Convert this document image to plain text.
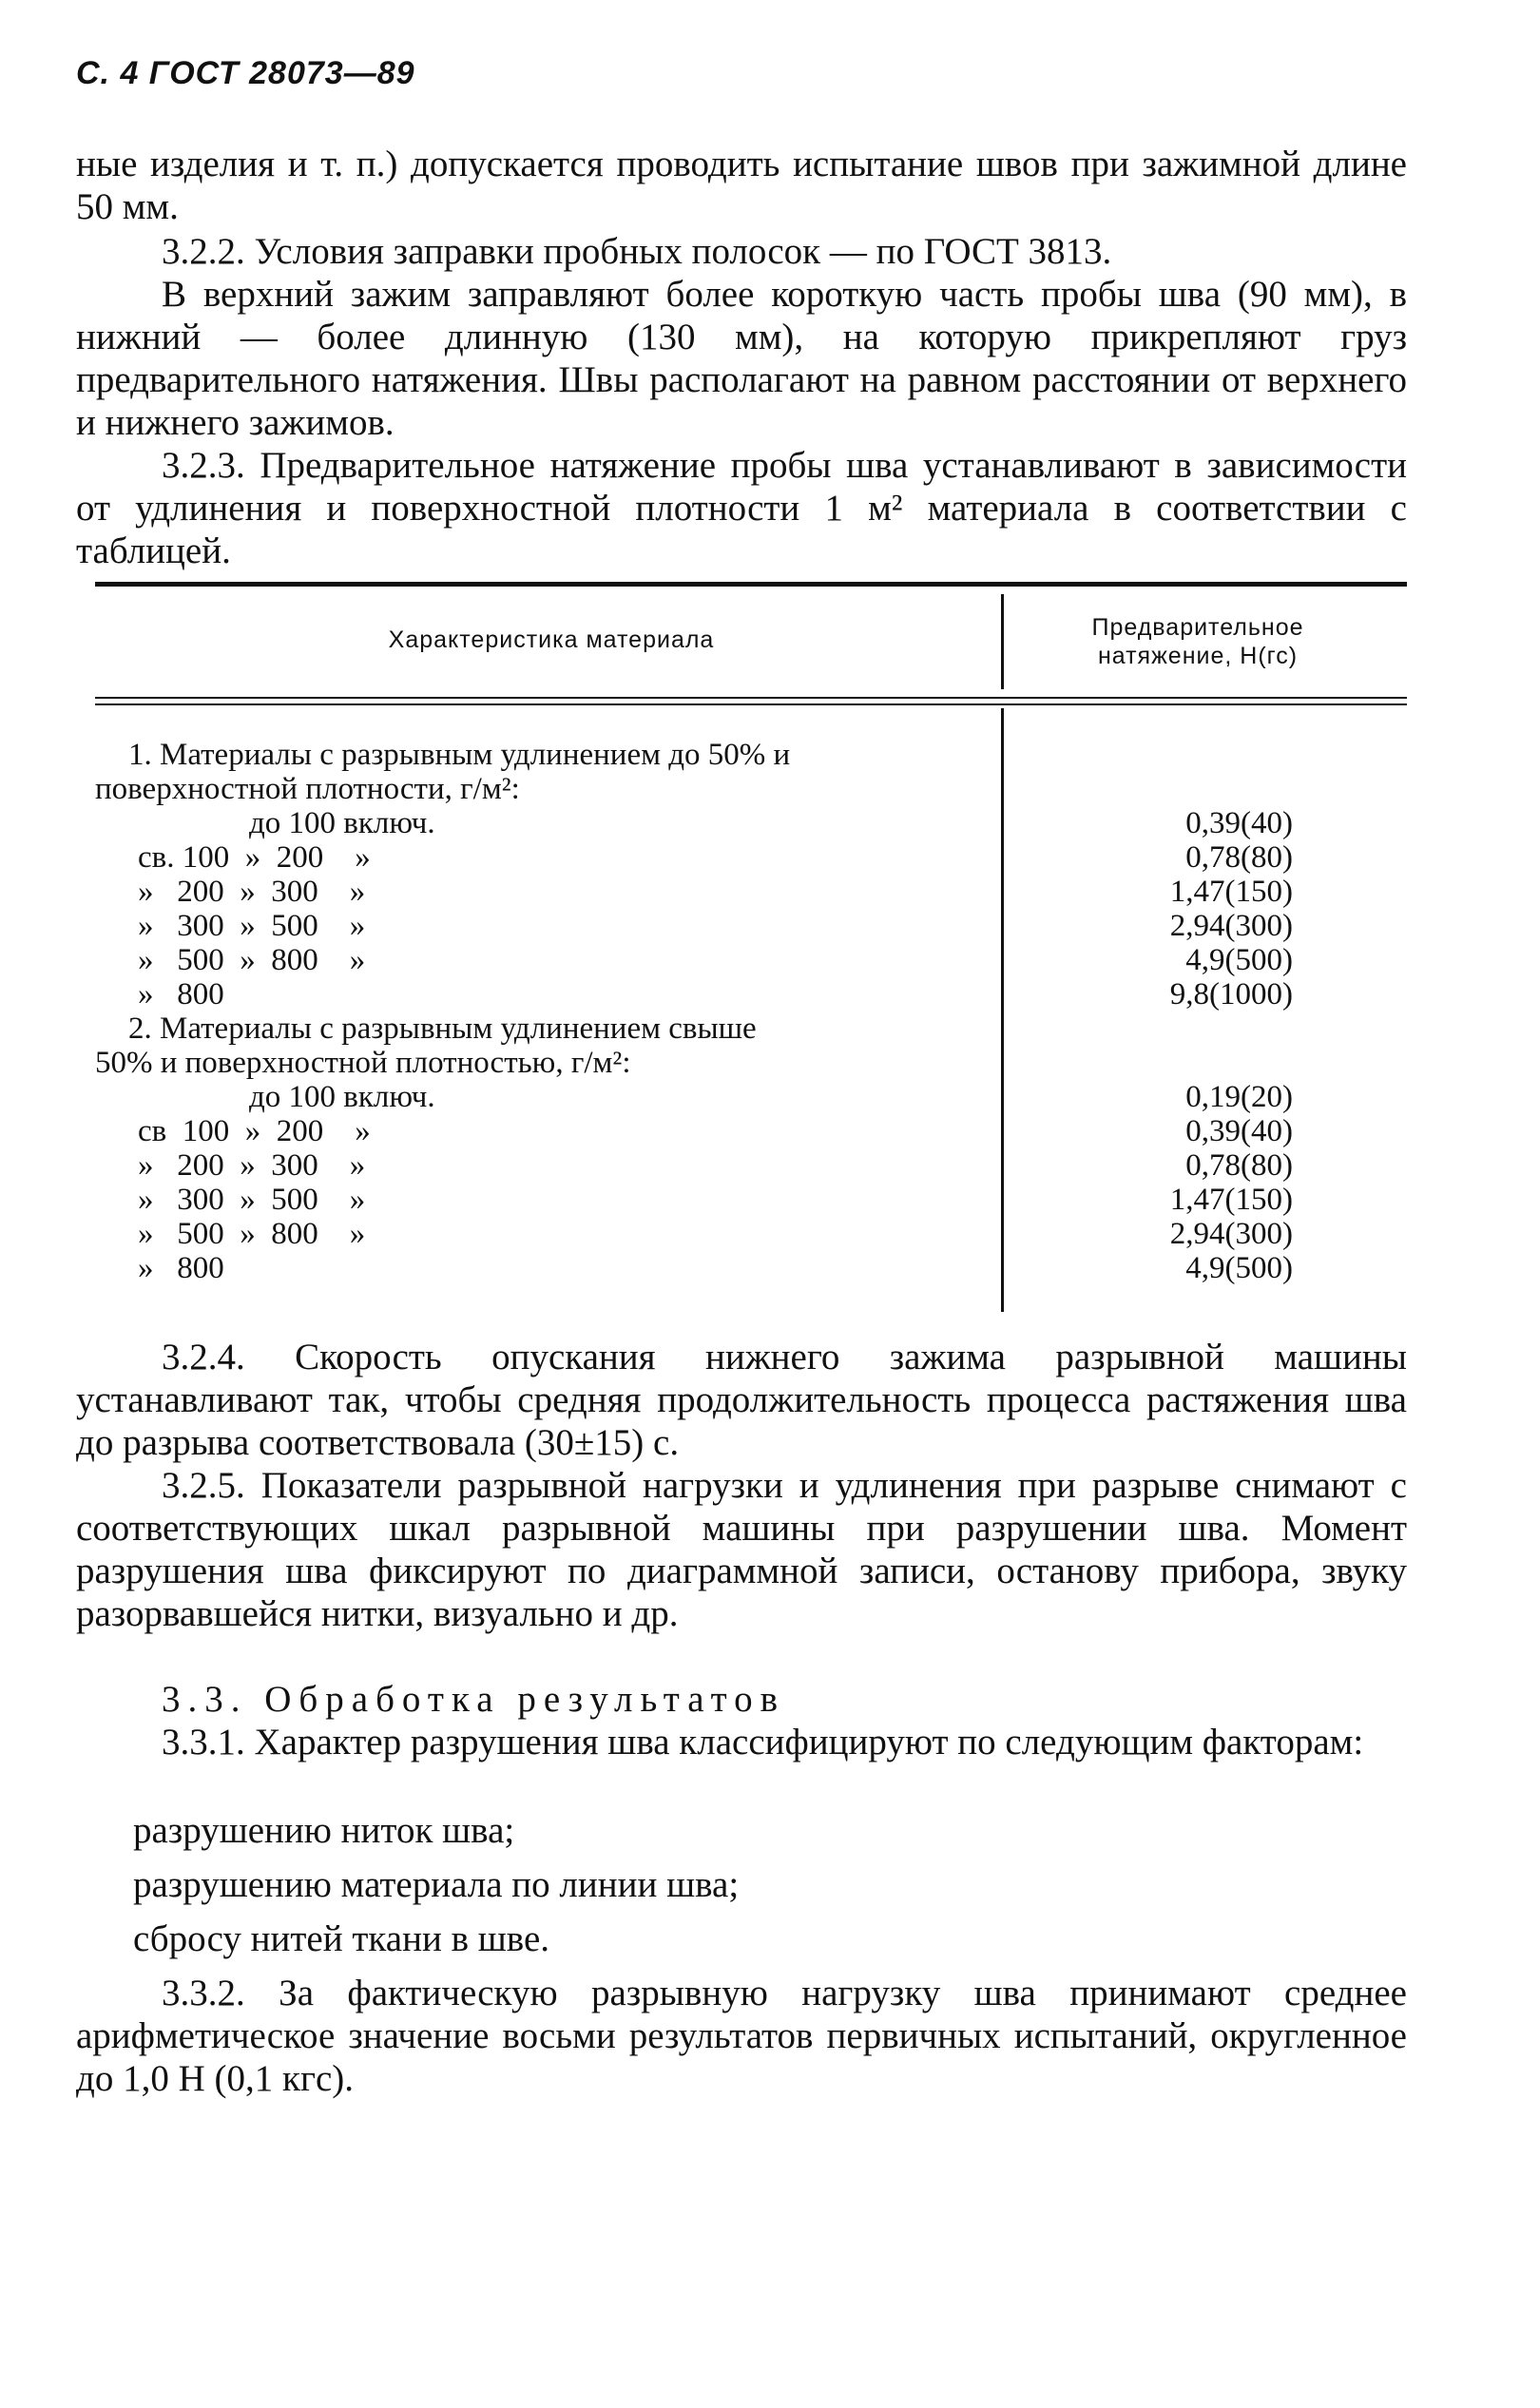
С. 4 ГОСТ 28073—89

ные изделия и т. п.) допускается проводить испытание швов при зажимной длине 50 мм.

3.2.2. Условия заправки пробных полосок — по ГОСТ 3813.

В верхний зажим заправляют более короткую часть пробы шва (90 мм), в нижний — более длинную (130 мм), на которую прикрепляют груз предварительного натяжения. Швы располагают на равном расстоянии от верхнего и нижнего зажимов.

3.2.3. Предварительное натяжение пробы шва устанавливают в зависимости от удлинения и поверхностной плотности 1 м² материала в соответствии с таблицей.

Характеристика материала	Предварительное натяжение, Н(гс)
1. Материалы с разрывным удлинением до 50% и
поверхностной плотности, г/м²:
до 100 включ.	0,39(40)
св. 100  »  200    »	0,78(80)
»   200  »  300    »	1,47(150)
»   300  »  500    »	2,94(300)
»   500  »  800    »	4,9(500)
»   800	9,8(1000)
2. Материалы с разрывным удлинением свыше
50% и поверхностной плотностью, г/м²:
до 100 включ.	0,19(20)
св  100  »  200    »	0,39(40)
»   200  »  300    »	0,78(80)
»   300  »  500    »	1,47(150)
»   500  »  800    »	2,94(300)
»   800	4,9(500)

3.2.4. Скорость опускания нижнего зажима разрывной машины устанавливают так, чтобы средняя продолжительность процесса растяжения шва до разрыва соответствовала (30±15) с.

3.2.5. Показатели разрывной нагрузки и удлинения при разрыве снимают с соответствующих шкал разрывной машины при разрушении шва. Момент разрушения шва фиксируют по диаграммной записи, останову прибора, звуку разорвавшейся нитки, визуально и др.

3.3. Обработка результатов

3.3.1. Характер разрушения шва классифицируют по следующим факторам:

разрушению ниток шва;

разрушению материала по линии шва;

сбросу нитей ткани в шве.

3.3.2. За фактическую разрывную нагрузку шва принимают среднее арифметическое значение восьми результатов первичных испытаний, округленное до 1,0 Н (0,1 кгс).
